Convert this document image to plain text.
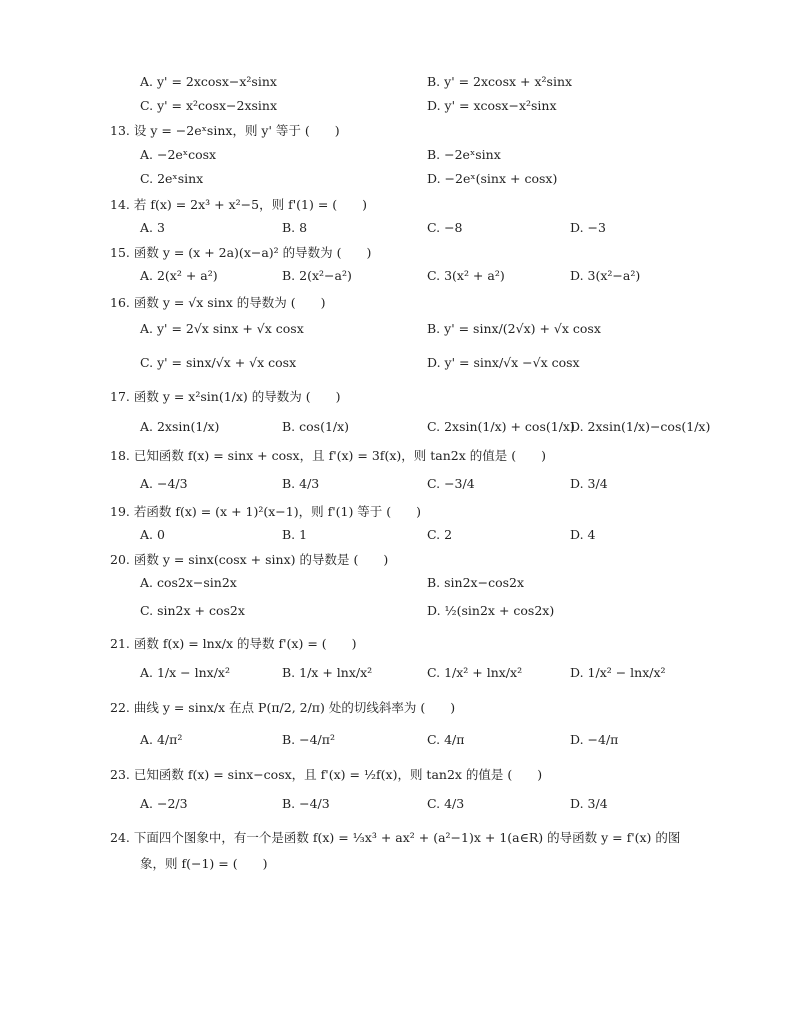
A. y' = 2xcosx−x²sinx	B. y' = 2xcosx + x²sinx
C. y' = x²cosx−2xsinx	D. y' = xcosx−x²sinx
13. 设 y = −2eˣsinx，则 y' 等于 (　　)
A. −2eˣcosx	B. −2eˣsinx
C. 2eˣsinx	D. −2eˣ(sinx + cosx)
14. 若 f(x) = 2x³ + x²−5，则 f'(1) = (　　)
A. 3	B. 8	C. −8	D. −3
15. 函数 y = (x + 2a)(x−a)² 的导数为 (　　)
A. 2(x² + a²)	B. 2(x²−a²)	C. 3(x² + a²)	D. 3(x²−a²)
16. 函数 y = √x sinx 的导数为 (　　)
A. y' = 2√x sinx + √x cosx	B. y' = sinx/(2√x) + √x cosx
C. y' = sinx/√x + √x cosx	D. y' = sinx/√x −√x cosx
17. 函数 y = x²sin(1/x) 的导数为 (　　)
A. 2xsin(1/x)	B. cos(1/x)	C. 2xsin(1/x) + cos(1/x)
D. 2xsin(1/x)−cos(1/x)
18. 已知函数 f(x) = sinx + cosx，且 f'(x) = 3f(x)，则 tan2x 的值是 (　　)
A. −4/3	B. 4/3	C. −3/4	D. 3/4
19. 若函数 f(x) = (x + 1)²(x−1)，则 f'(1) 等于 (　　)
A. 0	B. 1	C. 2	D. 4
20. 函数 y = sinx(cosx + sinx) 的导数是 (　　)
A. cos2x−sin2x	B. sin2x−cos2x
C. sin2x + cos2x	D. ½(sin2x + cos2x)
21. 函数 f(x) = lnx/x 的导数 f'(x) = (　　)
A. 1/x − lnx/x²	B. 1/x + lnx/x²	C. 1/x² + lnx/x²	D. 1/x² − lnx/x²
22. 曲线 y = sinx/x 在点 P(π/2, 2/π) 处的切线斜率为 (　　)
A. 4/π²	B. −4/π²	C. 4/π	D. −4/π
23. 已知函数 f(x) = sinx−cosx，且 f'(x) = ½f(x)，则 tan2x 的值是 (　　)
A. −2/3	B. −4/3	C. 4/3	D. 3/4
24. 下面四个图象中，有一个是函数 f(x) = ⅓x³ + ax² + (a²−1)x + 1(a∈R) 的导函数 y = f'(x) 的图
象，则 f(−1) = (　　)
